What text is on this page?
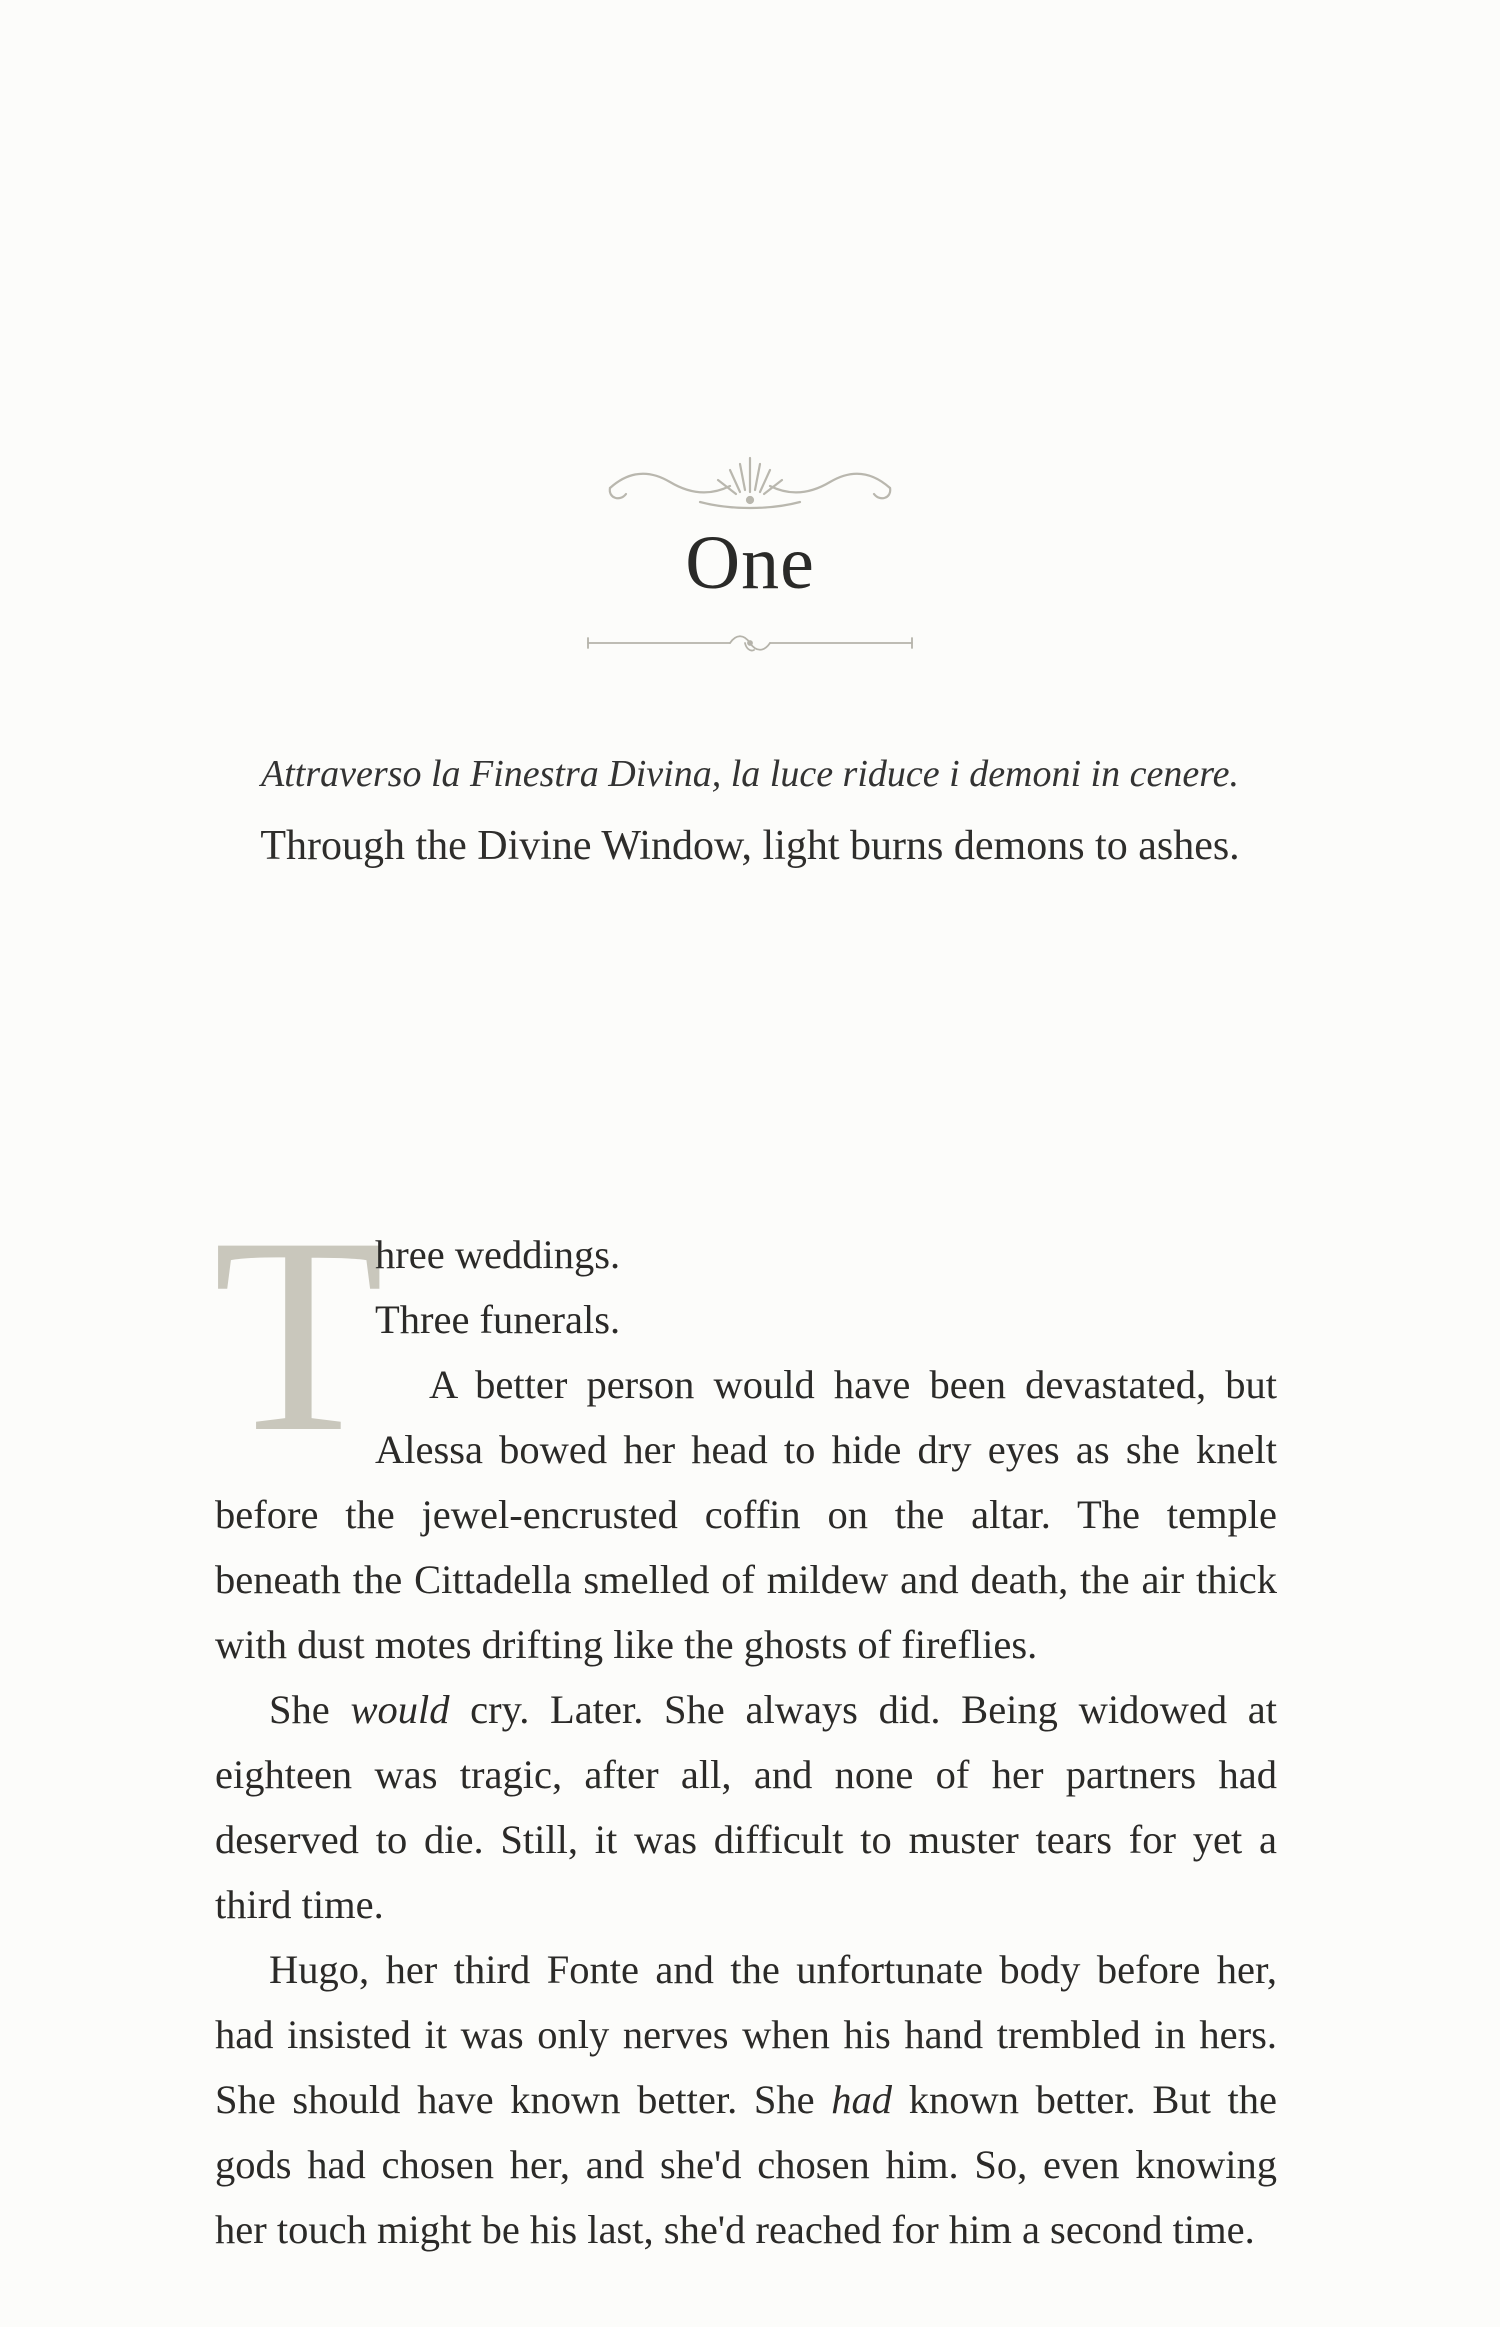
One
Attraverso la Finestra Divina, la luce riduce i demoni in cenere.
Through the Divine Window, light burns demons to ashes.
T
hree weddings.
Three funerals.

A better person would have been devastated, but Alessa bowed her head to hide dry eyes as she knelt before the jewel-encrusted coffin on the altar. The temple beneath the Cittadella smelled of mildew and death, the air thick with dust motes drifting like the ghosts of fireflies.

She would cry. Later. She always did. Being widowed at eighteen was tragic, after all, and none of her partners had deserved to die. Still, it was difficult to muster tears for yet a third time.

Hugo, her third Fonte and the unfortunate body before her, had insisted it was only nerves when his hand trembled in hers. She should have known better. She had known better. But the gods had chosen her, and she'd chosen him. So, even knowing her touch might be his last, she'd reached for him a second time.
